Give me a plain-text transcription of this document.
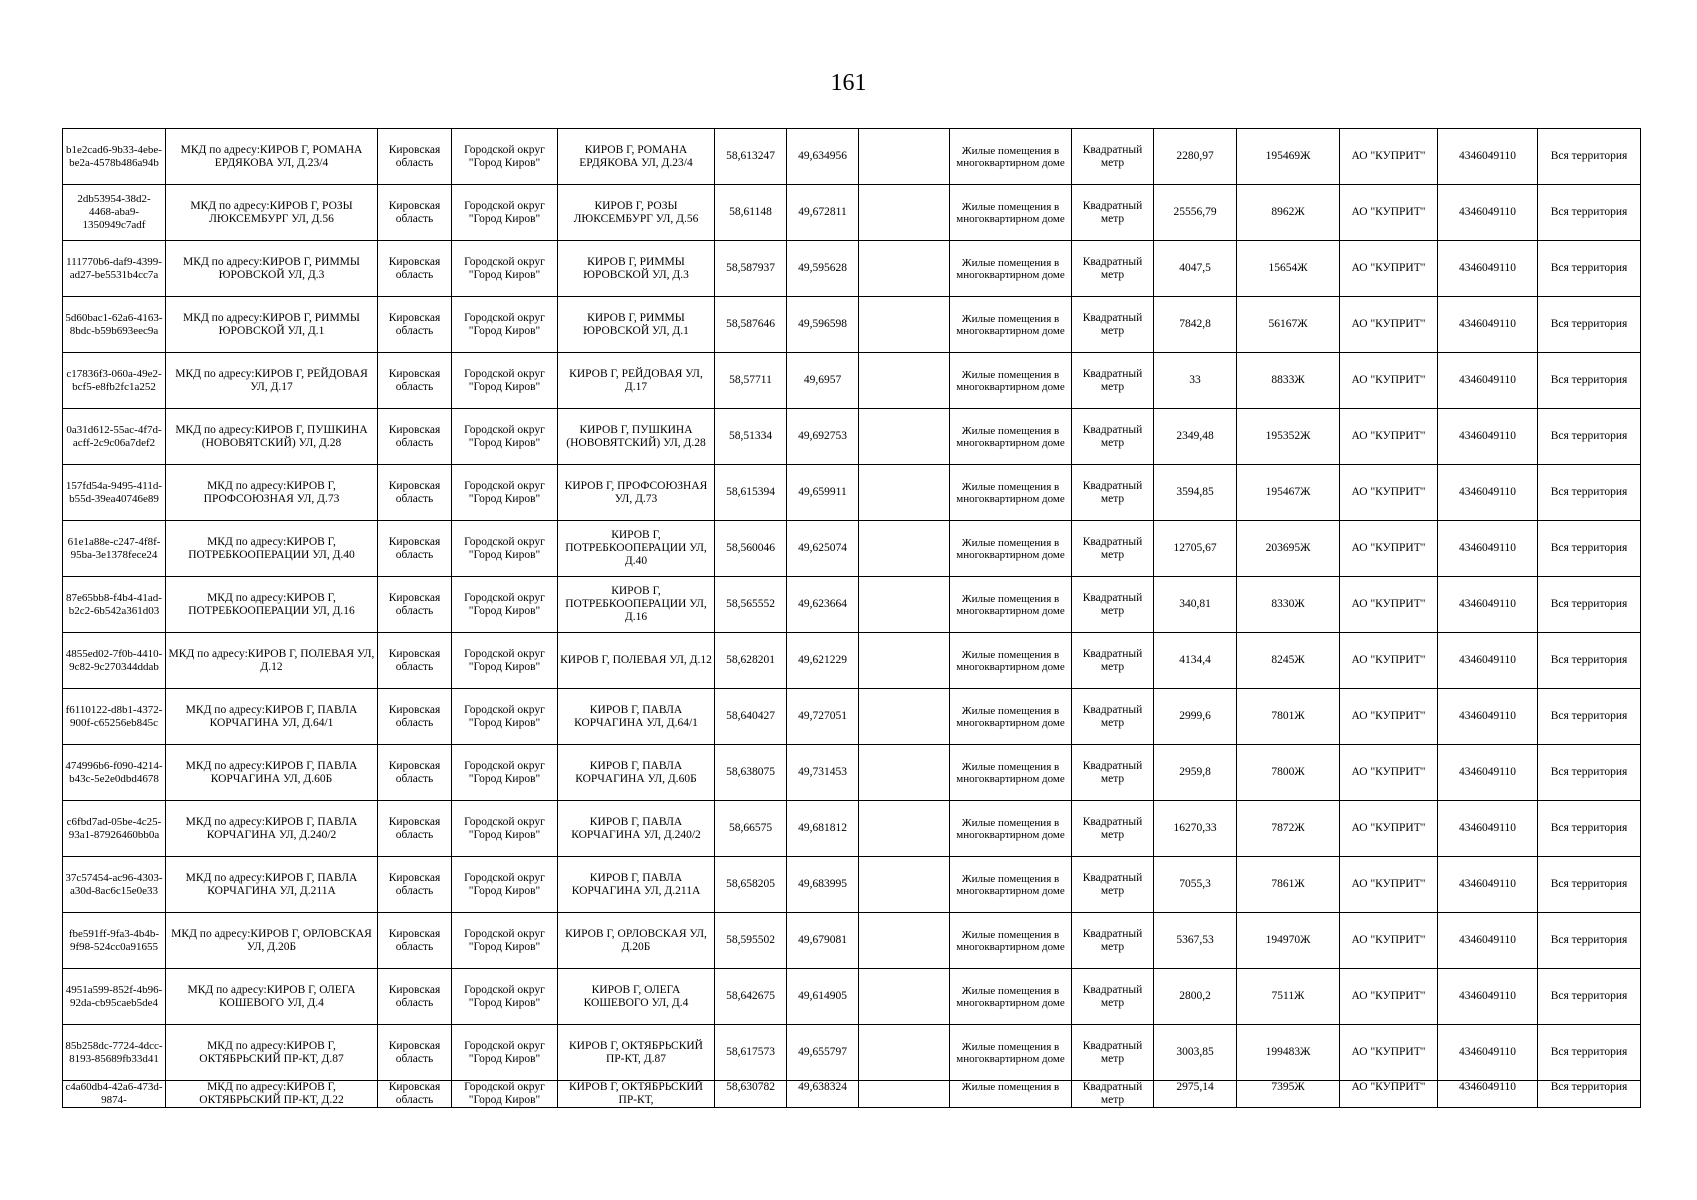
161
b1e2cad6-9b33-4ebe-be2a-4578b486a94b	МКД по адресу:КИРОВ Г, РОМАНА ЕРДЯКОВА УЛ, Д.23/4	Кировская область	Городской округ "Город Киров"	КИРОВ Г, РОМАНА ЕРДЯКОВА УЛ, Д.23/4	58,613247	49,634956		Жилые помещения в многоквартирном доме	Квадратный метр	2280,97	195469Ж	АО "КУПРИТ"	4346049110	Вся территория
2db53954-38d2-4468-aba9-1350949c7adf	МКД по адресу:КИРОВ Г, РОЗЫ ЛЮКСЕМБУРГ УЛ, Д.56	Кировская область	Городской округ "Город Киров"	КИРОВ Г, РОЗЫ ЛЮКСЕМБУРГ УЛ, Д.56	58,61148	49,672811		Жилые помещения в многоквартирном доме	Квадратный метр	25556,79	8962Ж	АО "КУПРИТ"	4346049110	Вся территория
111770b6-daf9-4399-ad27-be5531b4cc7a	МКД по адресу:КИРОВ Г, РИММЫ ЮРОВСКОЙ УЛ, Д.3	Кировская область	Городской округ "Город Киров"	КИРОВ Г, РИММЫ ЮРОВСКОЙ УЛ, Д.3	58,587937	49,595628		Жилые помещения в многоквартирном доме	Квадратный метр	4047,5	15654Ж	АО "КУПРИТ"	4346049110	Вся территория
5d60bac1-62a6-4163-8bdc-b59b693eec9a	МКД по адресу:КИРОВ Г, РИММЫ ЮРОВСКОЙ УЛ, Д.1	Кировская область	Городской округ "Город Киров"	КИРОВ Г, РИММЫ ЮРОВСКОЙ УЛ, Д.1	58,587646	49,596598		Жилые помещения в многоквартирном доме	Квадратный метр	7842,8	56167Ж	АО "КУПРИТ"	4346049110	Вся территория
c17836f3-060a-49e2-bcf5-e8fb2fc1a252	МКД по адресу:КИРОВ Г, РЕЙДОВАЯ УЛ, Д.17	Кировская область	Городской округ "Город Киров"	КИРОВ Г, РЕЙДОВАЯ УЛ, Д.17	58,57711	49,6957		Жилые помещения в многоквартирном доме	Квадратный метр	33	8833Ж	АО "КУПРИТ"	4346049110	Вся территория
0a31d612-55ac-4f7d-acff-2c9c06a7def2	МКД по адресу:КИРОВ Г, ПУШКИНА (НОВОВЯТСКИЙ) УЛ, Д.28	Кировская область	Городской округ "Город Киров"	КИРОВ Г, ПУШКИНА (НОВОВЯТСКИЙ) УЛ, Д.28	58,51334	49,692753		Жилые помещения в многоквартирном доме	Квадратный метр	2349,48	195352Ж	АО "КУПРИТ"	4346049110	Вся территория
157fd54a-9495-411d-b55d-39ea40746e89	МКД по адресу:КИРОВ Г, ПРОФСОЮЗНАЯ УЛ, Д.73	Кировская область	Городской округ "Город Киров"	КИРОВ Г, ПРОФСОЮЗНАЯ УЛ, Д.73	58,615394	49,659911		Жилые помещения в многоквартирном доме	Квадратный метр	3594,85	195467Ж	АО "КУПРИТ"	4346049110	Вся территория
61e1a88e-c247-4f8f-95ba-3e1378fece24	МКД по адресу:КИРОВ Г, ПОТРЕБКООПЕРАЦИИ УЛ, Д.40	Кировская область	Городской округ "Город Киров"	КИРОВ Г, ПОТРЕБКООПЕРАЦИИ УЛ, Д.40	58,560046	49,625074		Жилые помещения в многоквартирном доме	Квадратный метр	12705,67	203695Ж	АО "КУПРИТ"	4346049110	Вся территория
87e65bb8-f4b4-41ad-b2c2-6b542a361d03	МКД по адресу:КИРОВ Г, ПОТРЕБКООПЕРАЦИИ УЛ, Д.16	Кировская область	Городской округ "Город Киров"	КИРОВ Г, ПОТРЕБКООПЕРАЦИИ УЛ, Д.16	58,565552	49,623664		Жилые помещения в многоквартирном доме	Квадратный метр	340,81	8330Ж	АО "КУПРИТ"	4346049110	Вся территория
4855ed02-7f0b-4410-9c82-9c270344ddab	МКД по адресу:КИРОВ Г, ПОЛЕВАЯ УЛ, Д.12	Кировская область	Городской округ "Город Киров"	КИРОВ Г, ПОЛЕВАЯ УЛ, Д.12	58,628201	49,621229		Жилые помещения в многоквартирном доме	Квадратный метр	4134,4	8245Ж	АО "КУПРИТ"	4346049110	Вся территория
f6110122-d8b1-4372-900f-c65256eb845c	МКД по адресу:КИРОВ Г, ПАВЛА КОРЧАГИНА УЛ, Д.64/1	Кировская область	Городской округ "Город Киров"	КИРОВ Г, ПАВЛА КОРЧАГИНА УЛ, Д.64/1	58,640427	49,727051		Жилые помещения в многоквартирном доме	Квадратный метр	2999,6	7801Ж	АО "КУПРИТ"	4346049110	Вся территория
474996b6-f090-4214-b43c-5e2e0dbd4678	МКД по адресу:КИРОВ Г, ПАВЛА КОРЧАГИНА УЛ, Д.60Б	Кировская область	Городской округ "Город Киров"	КИРОВ Г, ПАВЛА КОРЧАГИНА УЛ, Д.60Б	58,638075	49,731453		Жилые помещения в многоквартирном доме	Квадратный метр	2959,8	7800Ж	АО "КУПРИТ"	4346049110	Вся территория
c6fbd7ad-05be-4c25-93a1-87926460bb0a	МКД по адресу:КИРОВ Г, ПАВЛА КОРЧАГИНА УЛ, Д.240/2	Кировская область	Городской округ "Город Киров"	КИРОВ Г, ПАВЛА КОРЧАГИНА УЛ, Д.240/2	58,66575	49,681812		Жилые помещения в многоквартирном доме	Квадратный метр	16270,33	7872Ж	АО "КУПРИТ"	4346049110	Вся территория
37c57454-ac96-4303-a30d-8ac6c15e0e33	МКД по адресу:КИРОВ Г, ПАВЛА КОРЧАГИНА УЛ, Д.211А	Кировская область	Городской округ "Город Киров"	КИРОВ Г, ПАВЛА КОРЧАГИНА УЛ, Д.211А	58,658205	49,683995		Жилые помещения в многоквартирном доме	Квадратный метр	7055,3	7861Ж	АО "КУПРИТ"	4346049110	Вся территория
fbe591ff-9fa3-4b4b-9f98-524cc0a91655	МКД по адресу:КИРОВ Г, ОРЛОВСКАЯ УЛ, Д.20Б	Кировская область	Городской округ "Город Киров"	КИРОВ Г, ОРЛОВСКАЯ УЛ, Д.20Б	58,595502	49,679081		Жилые помещения в многоквартирном доме	Квадратный метр	5367,53	194970Ж	АО "КУПРИТ"	4346049110	Вся территория
4951a599-852f-4b96-92da-cb95caeb5de4	МКД по адресу:КИРОВ Г, ОЛЕГА КОШЕВОГО УЛ, Д.4	Кировская область	Городской округ "Город Киров"	КИРОВ Г, ОЛЕГА КОШЕВОГО УЛ, Д.4	58,642675	49,614905		Жилые помещения в многоквартирном доме	Квадратный метр	2800,2	7511Ж	АО "КУПРИТ"	4346049110	Вся территория
85b258dc-7724-4dcc-8193-85689fb33d41	МКД по адресу:КИРОВ Г, ОКТЯБРЬСКИЙ ПР-КТ, Д.87	Кировская область	Городской округ "Город Киров"	КИРОВ Г, ОКТЯБРЬСКИЙ ПР-КТ, Д.87	58,617573	49,655797		Жилые помещения в многоквартирном доме	Квадратный метр	3003,85	199483Ж	АО "КУПРИТ"	4346049110	Вся территория
c4a60db4-42a6-473d-9874-	МКД по адресу:КИРОВ Г, ОКТЯБРЬСКИЙ ПР-КТ, Д.22	Кировская область	Городской округ "Город Киров"	КИРОВ Г, ОКТЯБРЬСКИЙ ПР-КТ,	58,630782	49,638324		Жилые помещения в	Квадратный метр	2975,14	7395Ж	АО "КУПРИТ"	4346049110	Вся территория
